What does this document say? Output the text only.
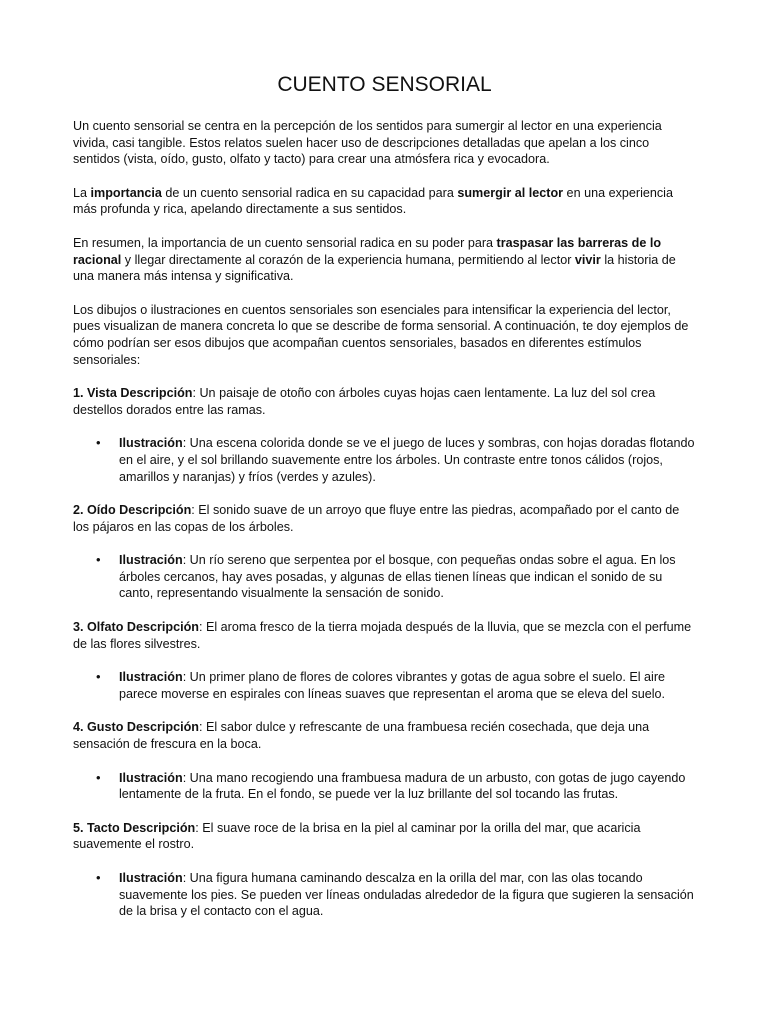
CUENTO SENSORIAL

Un cuento sensorial se centra en la percepción de los sentidos para sumergir al lector en una experiencia vivida, casi tangible. Estos relatos suelen hacer uso de descripciones detalladas que apelan a los cinco sentidos (vista, oído, gusto, olfato y tacto) para crear una atmósfera rica y evocadora.

La importancia de un cuento sensorial radica en su capacidad para sumergir al lector en una experiencia más profunda y rica, apelando directamente a sus sentidos.

En resumen, la importancia de un cuento sensorial radica en su poder para traspasar las barreras de lo racional y llegar directamente al corazón de la experiencia humana, permitiendo al lector vivir la historia de una manera más intensa y significativa.

Los dibujos o ilustraciones en cuentos sensoriales son esenciales para intensificar la experiencia del lector, pues visualizan de manera concreta lo que se describe de forma sensorial. A continuación, te doy ejemplos de cómo podrían ser esos dibujos que acompañan cuentos sensoriales, basados en diferentes estímulos sensoriales:

1. Vista Descripción: Un paisaje de otoño con árboles cuyas hojas caen lentamente. La luz del sol crea destellos dorados entre las ramas.

• Ilustración: Una escena colorida donde se ve el juego de luces y sombras, con hojas doradas flotando en el aire, y el sol brillando suavemente entre los árboles. Un contraste entre tonos cálidos (rojos, amarillos y naranjas) y fríos (verdes y azules).

2. Oído Descripción: El sonido suave de un arroyo que fluye entre las piedras, acompañado por el canto de los pájaros en las copas de los árboles.

• Ilustración: Un río sereno que serpentea por el bosque, con pequeñas ondas sobre el agua. En los árboles cercanos, hay aves posadas, y algunas de ellas tienen líneas que indican el sonido de su canto, representando visualmente la sensación de sonido.

3. Olfato Descripción: El aroma fresco de la tierra mojada después de la lluvia, que se mezcla con el perfume de las flores silvestres.

• Ilustración: Un primer plano de flores de colores vibrantes y gotas de agua sobre el suelo. El aire parece moverse en espirales con líneas suaves que representan el aroma que se eleva del suelo.

4. Gusto Descripción: El sabor dulce y refrescante de una frambuesa recién cosechada, que deja una sensación de frescura en la boca.

• Ilustración: Una mano recogiendo una frambuesa madura de un arbusto, con gotas de jugo cayendo lentamente de la fruta. En el fondo, se puede ver la luz brillante del sol tocando las frutas.

5. Tacto Descripción: El suave roce de la brisa en la piel al caminar por la orilla del mar, que acaricia suavemente el rostro.

• Ilustración: Una figura humana caminando descalza en la orilla del mar, con las olas tocando suavemente los pies. Se pueden ver líneas onduladas alrededor de la figura que sugieren la sensación de la brisa y el contacto con el agua.
